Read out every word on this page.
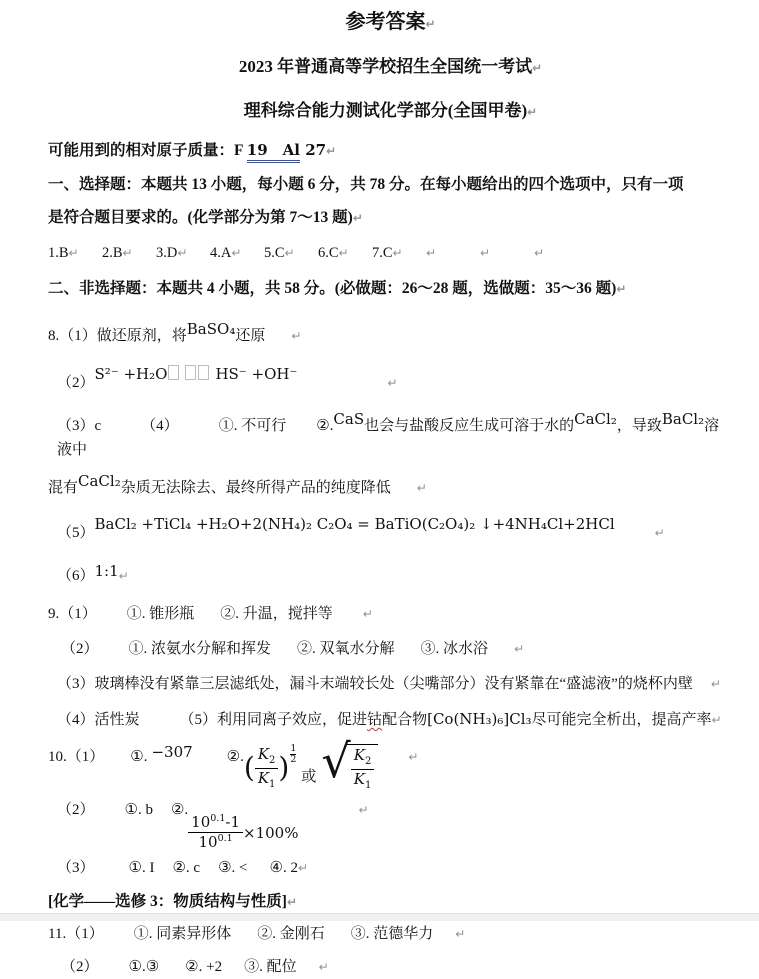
参考答案↵

2023 年普通高等学校招生全国统一考试↵

理科综合能力测试化学部分(全国甲卷)↵

可能用到的相对原子质量：F 19　Al 27↵

一、选择题：本题共 13 小题，每小题 6 分，共 78 分。在每小题给出的四个选项中，只有一项

是符合题目要求的。(化学部分为第 7～13 题)↵

1.B↵ 2.B↵ 3.D↵ 4.A↵ 5.C↵ 6.C↵ 7.C↵ ↵	↵	↵

二、非选择题：本题共 4 小题，共 58 分。(必做题：26～28 题，选做题：35～36 题)↵

8.（1）做还原剂，将BaSO₄还原 ↵

（2）S²⁻ +H₂O	HS⁻ +OH⁻	↵

（3）c	（4）	①. 不可行 ②.CaS也会与盐酸反应生成可溶于水的CaCl₂，导致BaCl₂溶液中

混有CaCl₂杂质无法除去、最终所得产品的纯度降低 ↵

（5）BaCl₂ +TiCl₄ +H₂O+2(NH₄)₂ C₂O₄ = BaTiO(C₂O₄)₂ ↓+4NH₄Cl+2HCl	↵

（6）1:1↵

9.（1） ①. 锥形瓶 ②. 升温，搅拌等	↵

（2） ①. 浓氨水分解和挥发 ②. 双氧水分解 ③. 冰水浴 ↵

（3）玻璃棒没有紧靠三层滤纸处，漏斗末端较长处（尖嘴部分）没有紧靠在“盛滤液”的烧杯内壁 ↵

（4）活性炭	（5）利用同离子效应，促进钴配合物[Co(NH₃)₆]Cl₃尽可能完全析出，提高产率↵

10.（1） ①. −307 ②. ( $\frac{K_2}{K_1}$ ) $\frac{1}{2}$
或 √ $\frac{K_2}{K_1}$	↵

（2） ①. b ②.
$\frac{10^{0.1}-1}{10^{0.1}} \times 100\%$
↵

（3） ①. I ②. c ③. < ④. 2↵

[化学——选修 3：物质结构与性质]↵

11.（1） ①. 同素异形体 ②. 金刚石 ③. 范德华力 ↵

（2） ①.③ ②. +2 ③. 配位 ↵
